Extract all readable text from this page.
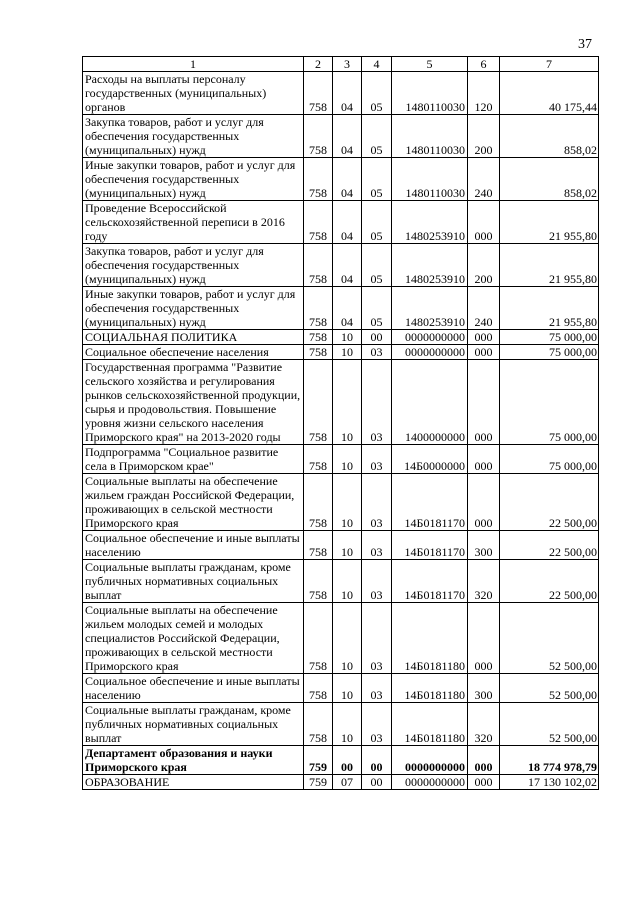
37
1	2	3	4	5	6	7
Расходы на выплаты персоналу государственных (муниципальных) органов	758	04	05	1480110030	120	40 175,44
Закупка товаров, работ и услуг для обеспечения государственных (муниципальных) нужд	758	04	05	1480110030	200	858,02
Иные закупки товаров, работ и услуг для обеспечения государственных (муниципальных) нужд	758	04	05	1480110030	240	858,02
Проведение Всероссийской сельскохозяйственной переписи в 2016 году	758	04	05	1480253910	000	21 955,80
Закупка товаров, работ и услуг для обеспечения государственных (муниципальных) нужд	758	04	05	1480253910	200	21 955,80
Иные закупки товаров, работ и услуг для обеспечения государственных (муниципальных) нужд	758	04	05	1480253910	240	21 955,80
СОЦИАЛЬНАЯ ПОЛИТИКА	758	10	00	0000000000	000	75 000,00
Социальное обеспечение населения	758	10	03	0000000000	000	75 000,00
Государственная программа "Развитие сельского хозяйства и регулирования рынков сельскохозяйственной продукции, сырья и продовольствия. Повышение уровня жизни сельского населения Приморского края" на 2013-2020 годы	758	10	03	1400000000	000	75 000,00
Подпрограмма "Социальное развитие села в Приморском крае"	758	10	03	14Б0000000	000	75 000,00
Социальные выплаты на обеспечение жильем граждан Российской Федерации, проживающих в сельской местности Приморского края	758	10	03	14Б0181170	000	22 500,00
Социальное обеспечение и иные выплаты населению	758	10	03	14Б0181170	300	22 500,00
Социальные выплаты гражданам, кроме публичных нормативных социальных выплат	758	10	03	14Б0181170	320	22 500,00
Социальные выплаты на обеспечение жильем молодых семей и молодых специалистов Российской Федерации, проживающих в сельской местности Приморского края	758	10	03	14Б0181180	000	52 500,00
Социальное обеспечение и иные выплаты населению	758	10	03	14Б0181180	300	52 500,00
Социальные выплаты гражданам, кроме публичных нормативных социальных выплат	758	10	03	14Б0181180	320	52 500,00
Департамент образования и науки Приморского края	759	00	00	0000000000	000	18 774 978,79
ОБРАЗОВАНИЕ	759	07	00	0000000000	000	17 130 102,02
